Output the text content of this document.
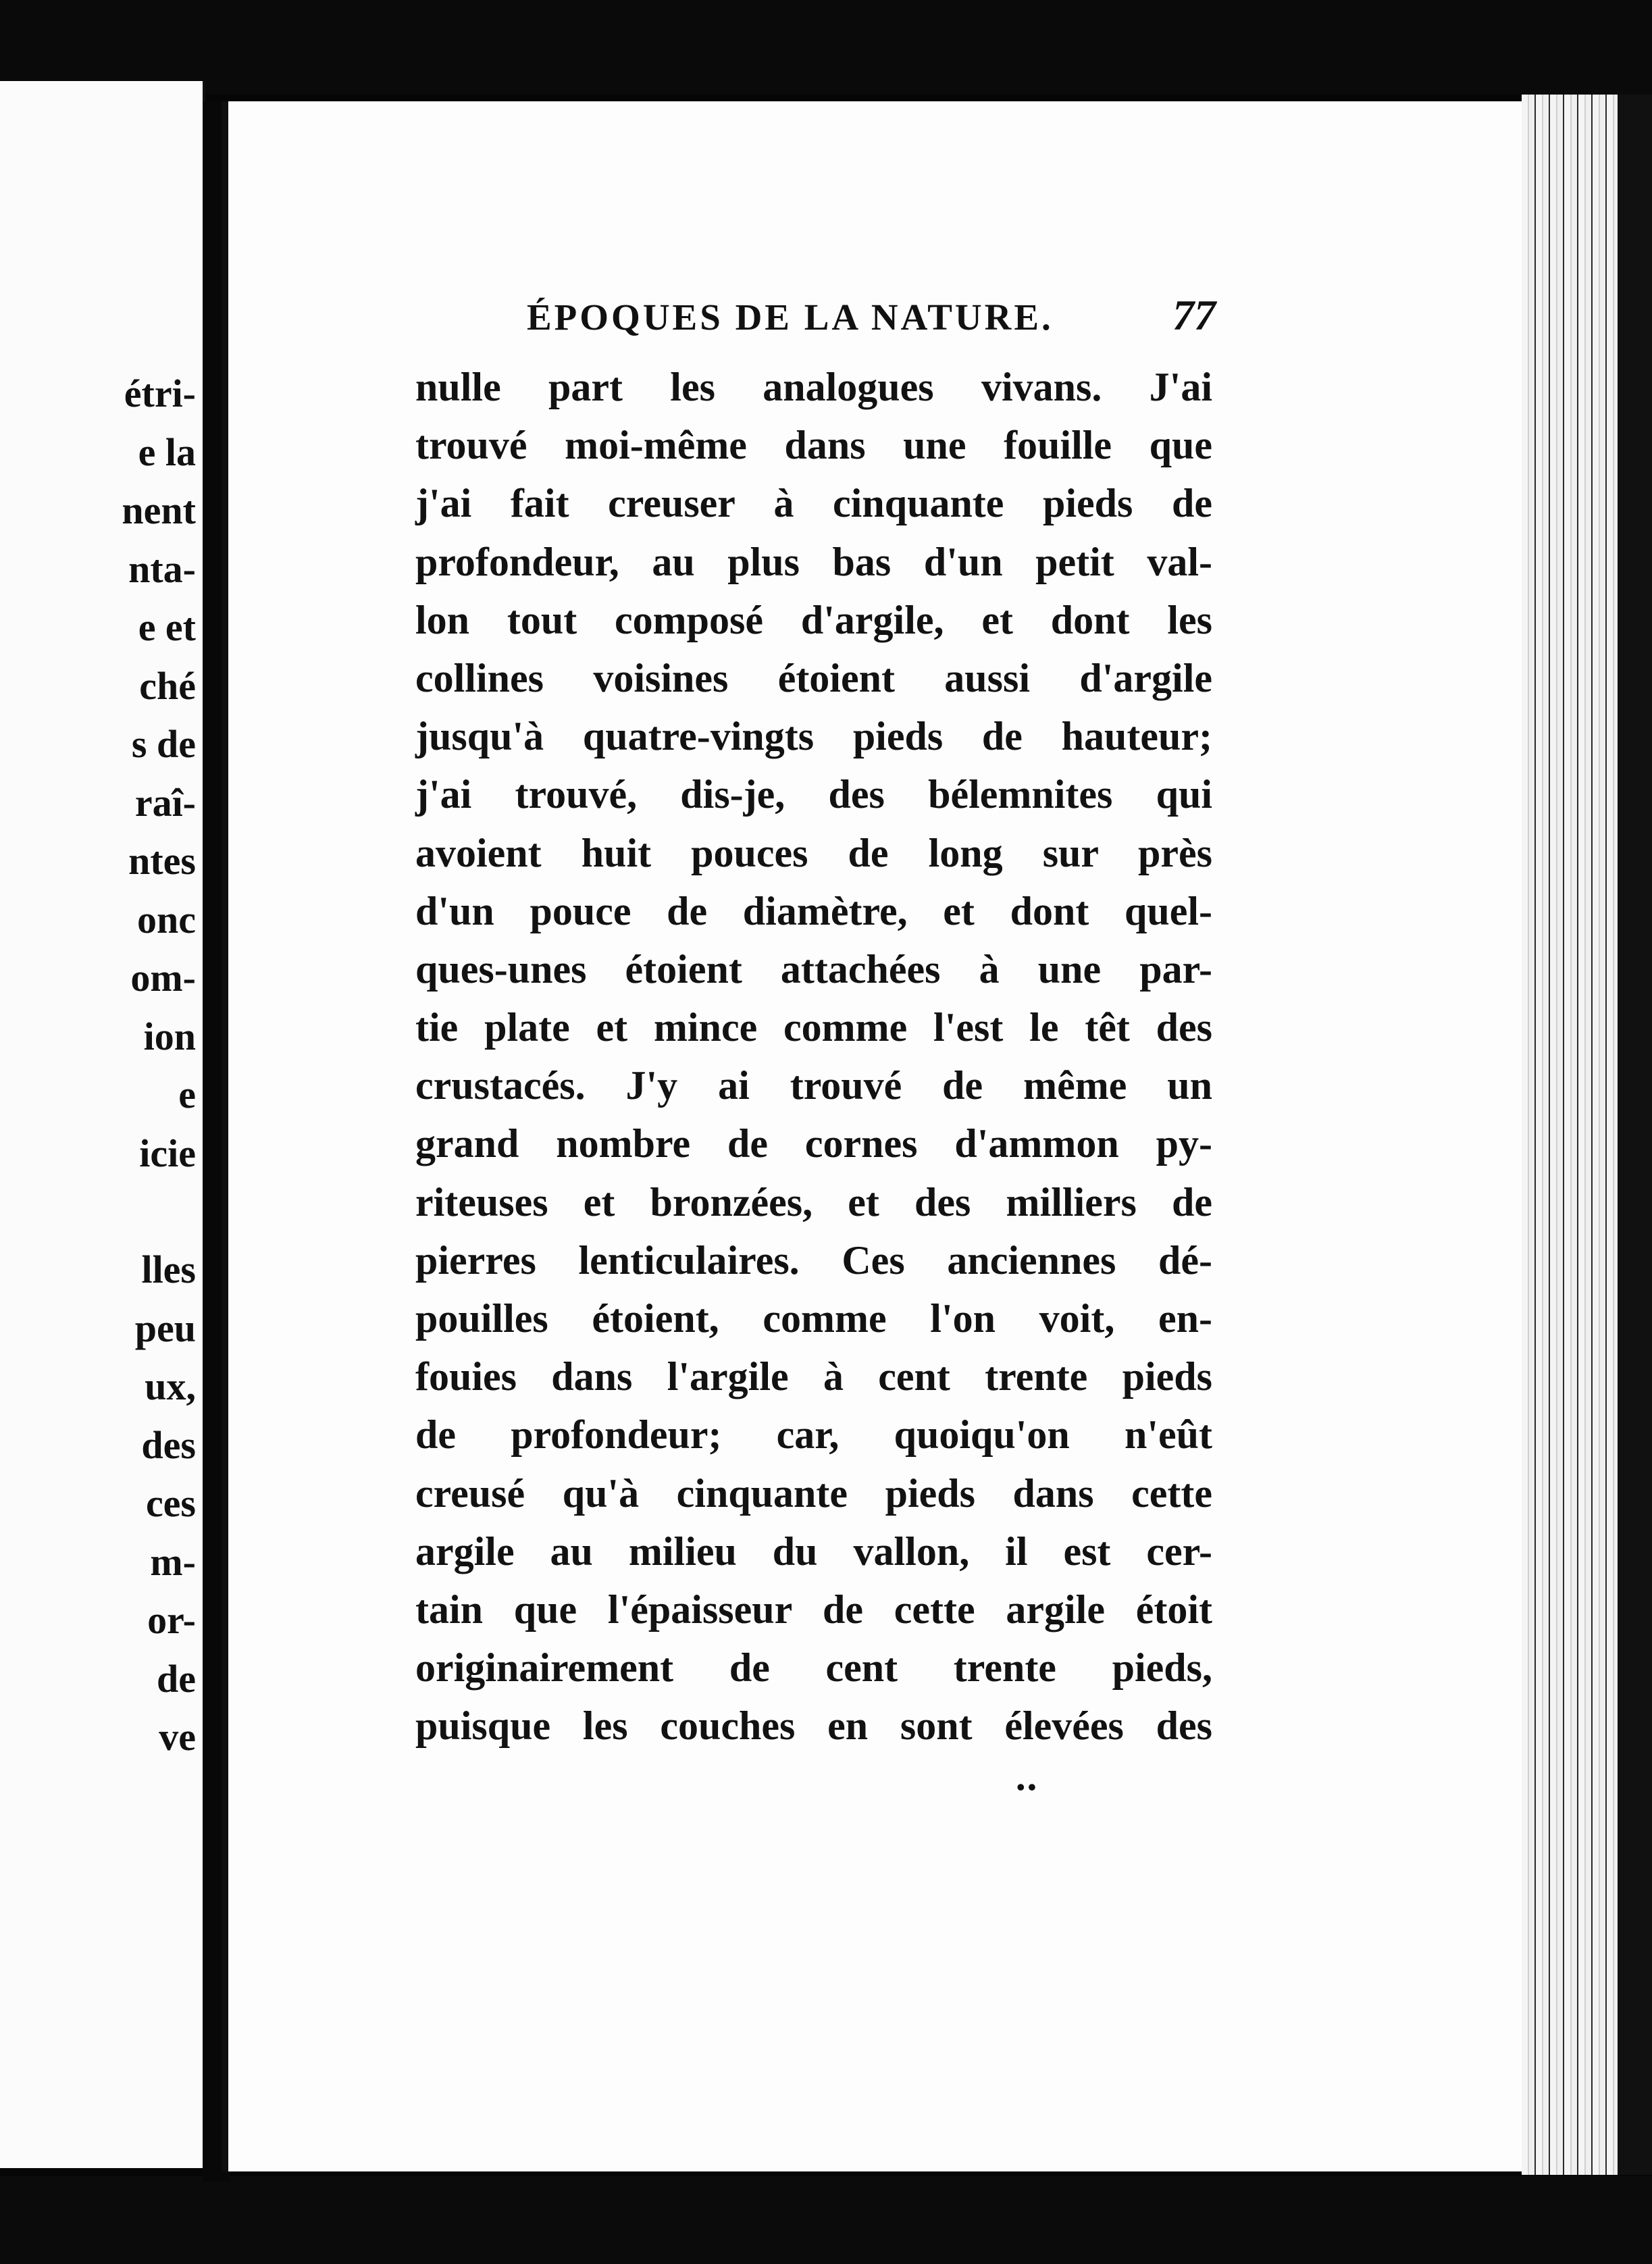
étri-
e la
nent
nta-
e et
ché
s de
raî-
ntes
onc
om-
ion
e
icie
lles
peu
ux,
des
ces
m-
or-
de
ve
ÉPOQUES DE LA NATURE.	77
nulle part les analogues vivans. J'ai
trouvé moi-même dans une fouille que
j'ai fait creuser à cinquante pieds de
profondeur, au plus bas d'un petit val-
lon tout composé d'argile, et dont les
collines voisines étoient aussi d'argile
jusqu'à quatre-vingts pieds de hauteur;
j'ai trouvé, dis-je, des bélemnites qui
avoient huit pouces de long sur près
d'un pouce de diamètre, et dont quel-
ques-unes étoient attachées à une par-
tie plate et mince comme l'est le têt des
crustacés. J'y ai trouvé de même un
grand nombre de cornes d'ammon py-
riteuses et bronzées, et des milliers de
pierres lenticulaires. Ces anciennes dé-
pouilles étoient, comme l'on voit, en-
fouies dans l'argile à cent trente pieds
de profondeur; car, quoiqu'on n'eût
creusé qu'à cinquante pieds dans cette
argile au milieu du vallon, il est cer-
tain que l'épaisseur de cette argile étoit
originairement de cent trente pieds,
puisque les couches en sont élevées des
••
